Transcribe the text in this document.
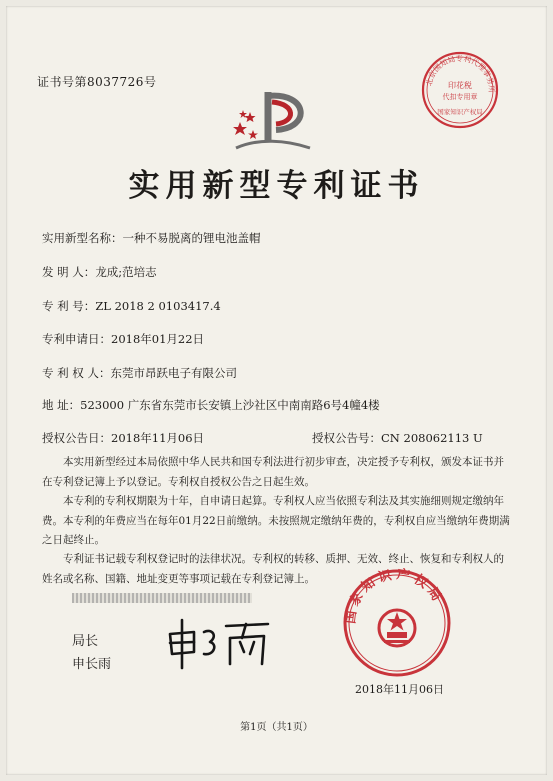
证书号第8037726号	北京国知局专利代理事务所
印花税
代扣专用章
国家知识产权局
实用新型专利证书
实用新型名称：一种不易脱离的锂电池盖帽
发 明 人：龙成;范培志
专 利 号：ZL 2018 2 0103417.4
专利申请日：2018年01月22日
专 利 权 人：东莞市昂跃电子有限公司
地 址：523000 广东省东莞市长安镇上沙社区中南南路6号4幢4楼
授权公告日：2018年11月06日	授权公告号：CN 208062113 U
本实用新型经过本局依照中华人民共和国专利法进行初步审查，决定授予专利权，颁发本证书并在专利登记簿上予以登记。专利权自授权公告之日起生效。
本专利的专利权期限为十年，自申请日起算。专利权人应当依照专利法及其实施细则规定缴纳年费。本专利的年费应当在每年01月22日前缴纳。未按照规定缴纳年费的，专利权自应当缴纳年费期满之日起终止。
专利证书记载专利权登记时的法律状况。专利权的转移、质押、无效、终止、恢复和专利权人的姓名或名称、国籍、地址变更等事项记载在专利登记簿上。
局长
申长雨
国家知识产权局
2018年11月06日
第1页（共1页）
